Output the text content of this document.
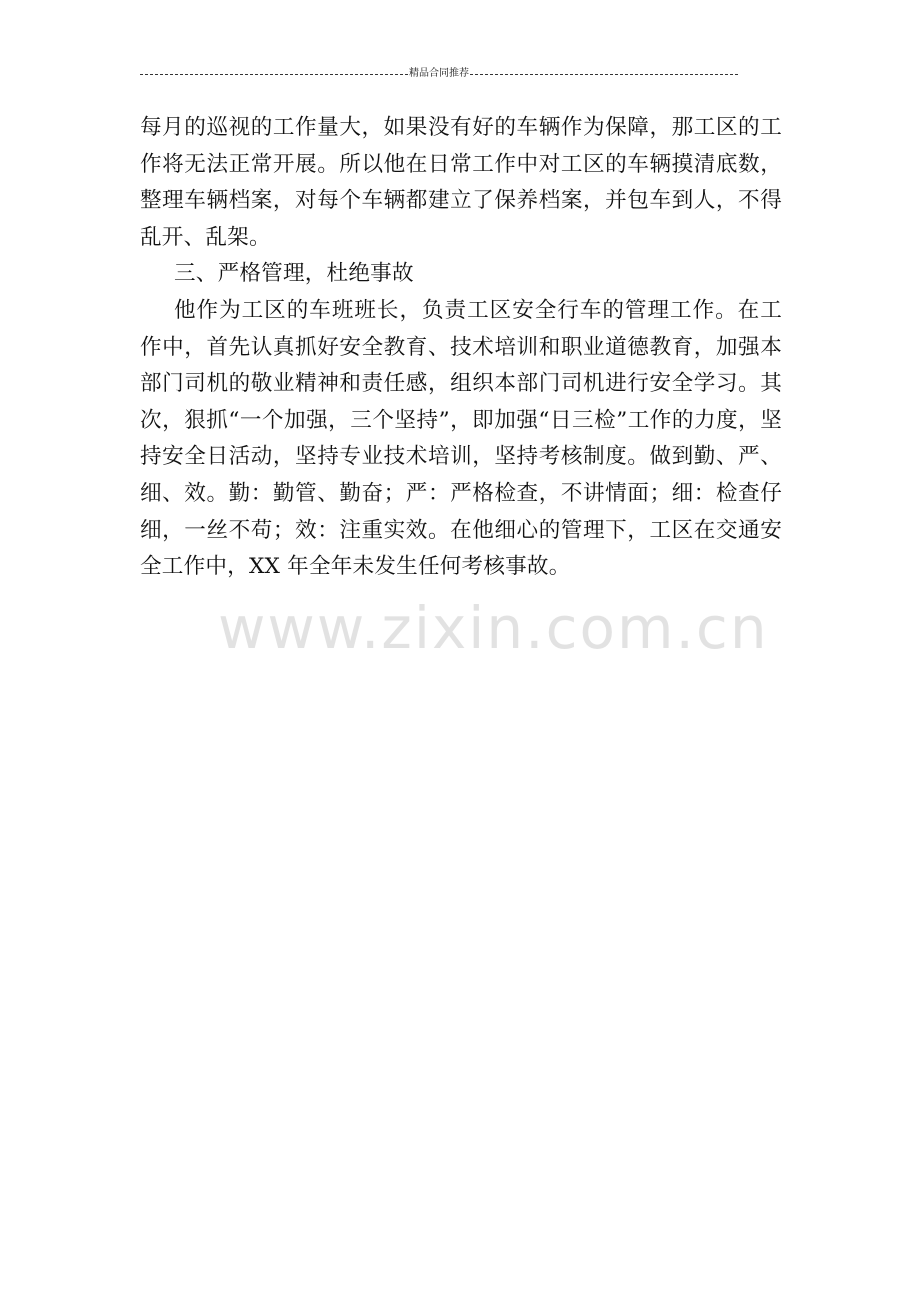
精品合同推荐

每月的巡视的工作量大，如果没有好的车辆作为保障，那工区的工作将无法正常开展。所以他在日常工作中对工区的车辆摸清底数，整理车辆档案，对每个车辆都建立了保养档案，并包车到人，不得乱开、乱架。

三、严格管理，杜绝事故

他作为工区的车班班长，负责工区安全行车的管理工作。在工作中，首先认真抓好安全教育、技术培训和职业道德教育，加强本部门司机的敬业精神和责任感，组织本部门司机进行安全学习。其次，狠抓“一个加强，三个坚持”，即加强“日三检”工作的力度，坚持安全日活动，坚持专业技术培训，坚持考核制度。做到勤、严、细、效。勤：勤管、勤奋；严：严格检查，不讲情面；细：检查仔细，一丝不苟；效：注重实效。在他细心的管理下，工区在交通安全工作中，XX 年全年未发生任何考核事故。

www.zixin.com.cn
